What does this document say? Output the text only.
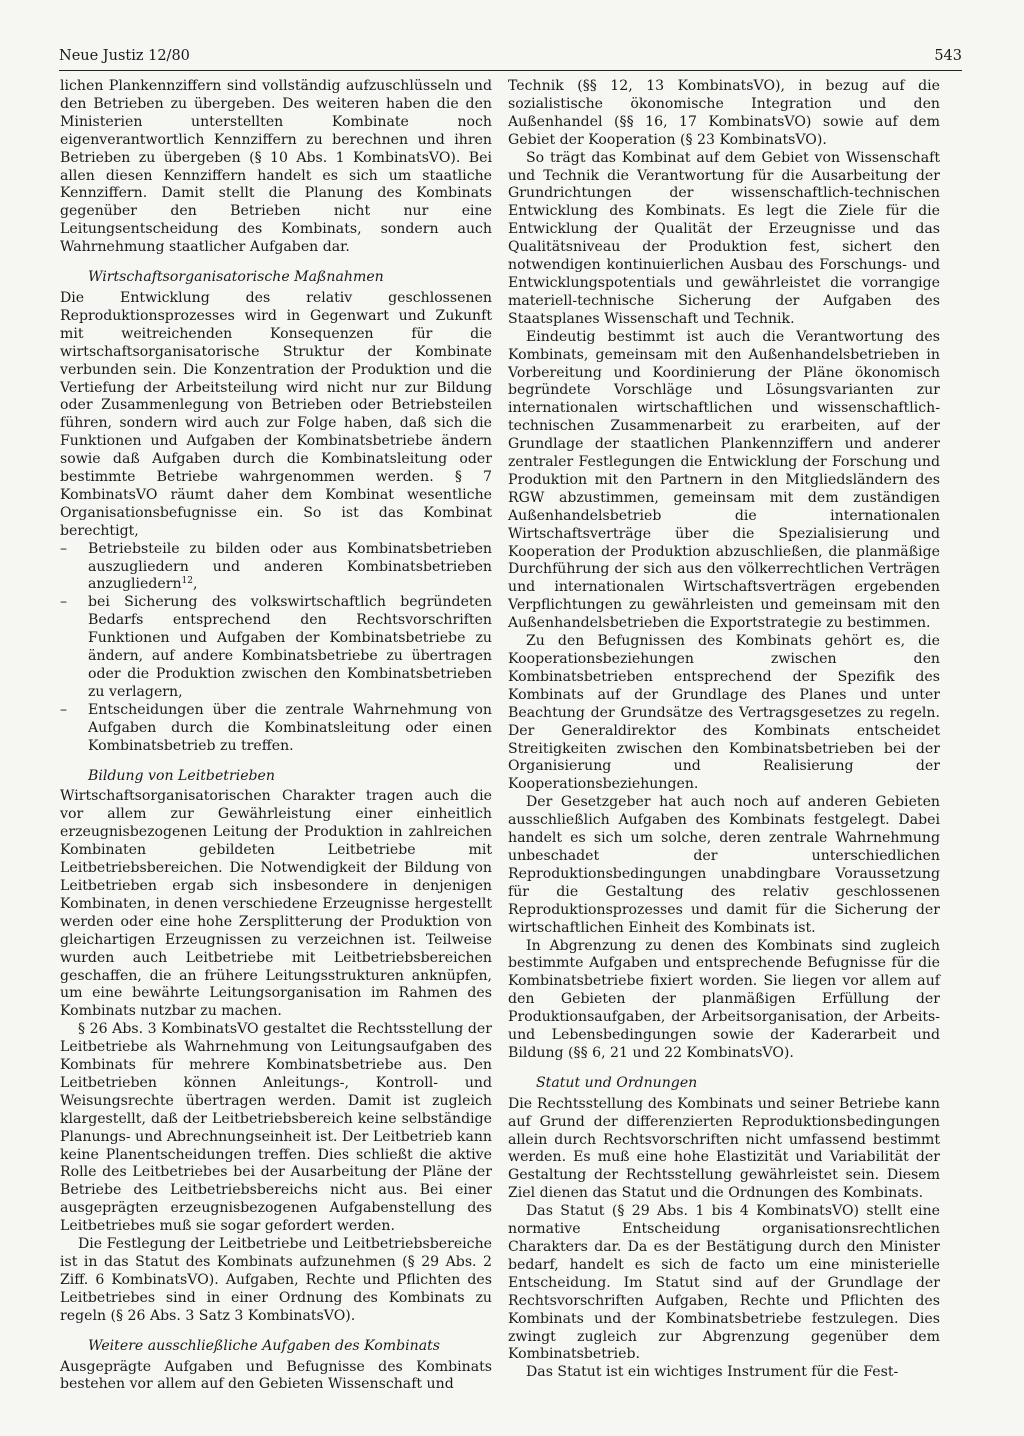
Neue Justiz 12/80	543

lichen Plankennziffern sind vollständig aufzuschlüsseln und den Betrieben zu übergeben. Des weiteren haben die den Ministerien unterstellten Kombinate noch eigenverantwortlich Kennziffern zu berechnen und ihren Betrieben zu übergeben (§ 10 Abs. 1 KombinatsVO). Bei allen diesen Kennziffern handelt es sich um staatliche Kennziffern. Damit stellt die Planung des Kombinats gegenüber den Betrieben nicht nur eine Leitungsentscheidung des Kombinats, sondern auch Wahrnehmung staatlicher Aufgaben dar.

Wirtschaftsorganisatorische Maßnahmen

Die Entwicklung des relativ geschlossenen Reproduktionsprozesses wird in Gegenwart und Zukunft mit weitreichenden Konsequenzen für die wirtschaftsorganisatorische Struktur der Kombinate verbunden sein. Die Konzentration der Produktion und die Vertiefung der Arbeitsteilung wird nicht nur zur Bildung oder Zusammenlegung von Betrieben oder Betriebsteilen führen, sondern wird auch zur Folge haben, daß sich die Funktionen und Aufgaben der Kombinatsbetriebe ändern sowie daß Aufgaben durch die Kombinatsleitung oder bestimmte Betriebe wahrgenommen werden. § 7 KombinatsVO räumt daher dem Kombinat wesentliche Organisationsbefugnisse ein. So ist das Kombinat berechtigt,

– Betriebsteile zu bilden oder aus Kombinatsbetrieben auszugliedern und anderen Kombinatsbetrieben anzugliedern$^{12}$,
– bei Sicherung des volkswirtschaftlich begründeten Bedarfs entsprechend den Rechtsvorschriften Funktionen und Aufgaben der Kombinatsbetriebe zu ändern, auf andere Kombinatsbetriebe zu übertragen oder die Produktion zwischen den Kombinatsbetrieben zu verlagern,
– Entscheidungen über die zentrale Wahrnehmung von Aufgaben durch die Kombinatsleitung oder einen Kombinatsbetrieb zu treffen.
Bildung von Leitbetrieben

Wirtschaftsorganisatorischen Charakter tragen auch die vor allem zur Gewährleistung einer einheitlich erzeugnisbezogenen Leitung der Produktion in zahlreichen Kombinaten gebildeten Leitbetriebe mit Leitbetriebsbereichen. Die Notwendigkeit der Bildung von Leitbetrieben ergab sich insbesondere in denjenigen Kombinaten, in denen verschiedene Erzeugnisse hergestellt werden oder eine hohe Zersplitterung der Produktion von gleichartigen Erzeugnissen zu verzeichnen ist. Teilweise wurden auch Leitbetriebe mit Leitbetriebsbereichen geschaffen, die an frühere Leitungsstrukturen anknüpfen, um eine bewährte Leitungsorganisation im Rahmen des Kombinats nutzbar zu machen.

§ 26 Abs. 3 KombinatsVO gestaltet die Rechtsstellung der Leitbetriebe als Wahrnehmung von Leitungsaufgaben des Kombinats für mehrere Kombinatsbetriebe aus. Den Leitbetrieben können Anleitungs-, Kontroll- und Weisungsrechte übertragen werden. Damit ist zugleich klargestellt, daß der Leitbetriebsbereich keine selbständige Planungs- und Abrechnungseinheit ist. Der Leitbetrieb kann keine Planentscheidungen treffen. Dies schließt die aktive Rolle des Leitbetriebes bei der Ausarbeitung der Pläne der Betriebe des Leitbetriebsbereichs nicht aus. Bei einer ausgeprägten erzeugnisbezogenen Aufgabenstellung des Leitbetriebes muß sie sogar gefordert werden.

Die Festlegung der Leitbetriebe und Leitbetriebsbereiche ist in das Statut des Kombinats aufzunehmen (§ 29 Abs. 2 Ziff. 6 KombinatsVO). Aufgaben, Rechte und Pflichten des Leitbetriebes sind in einer Ordnung des Kombinats zu regeln (§ 26 Abs. 3 Satz 3 KombinatsVO).

Weitere ausschließliche Aufgaben des Kombinats

Ausgeprägte Aufgaben und Befugnisse des Kombinats bestehen vor allem auf den Gebieten Wissenschaft und

Technik (§§ 12, 13 KombinatsVO), in bezug auf die sozialistische ökonomische Integration und den Außenhandel (§§ 16, 17 KombinatsVO) sowie auf dem Gebiet der Kooperation (§ 23 KombinatsVO).

So trägt das Kombinat auf dem Gebiet von Wissenschaft und Technik die Verantwortung für die Ausarbeitung der Grundrichtungen der wissenschaftlich-technischen Entwicklung des Kombinats. Es legt die Ziele für die Entwicklung der Qualität der Erzeugnisse und das Qualitätsniveau der Produktion fest, sichert den notwendigen kontinuierlichen Ausbau des Forschungs- und Entwicklungspotentials und gewährleistet die vorrangige materiell-technische Sicherung der Aufgaben des Staatsplanes Wissenschaft und Technik.

Eindeutig bestimmt ist auch die Verantwortung des Kombinats, gemeinsam mit den Außenhandelsbetrieben in Vorbereitung und Koordinierung der Pläne ökonomisch begründete Vorschläge und Lösungsvarianten zur internationalen wirtschaftlichen und wissenschaftlich-technischen Zusammenarbeit zu erarbeiten, auf der Grundlage der staatlichen Plankennziffern und anderer zentraler Festlegungen die Entwicklung der Forschung und Produktion mit den Partnern in den Mitgliedsländern des RGW abzustimmen, gemeinsam mit dem zuständigen Außenhandelsbetrieb die internationalen Wirtschaftsverträge über die Spezialisierung und Kooperation der Produktion abzuschließen, die planmäßige Durchführung der sich aus den völkerrechtlichen Verträgen und internationalen Wirtschaftsverträgen ergebenden Verpflichtungen zu gewährleisten und gemeinsam mit den Außenhandelsbetrieben die Exportstrategie zu bestimmen.

Zu den Befugnissen des Kombinats gehört es, die Kooperationsbeziehungen zwischen den Kombinatsbetrieben entsprechend der Spezifik des Kombinats auf der Grundlage des Planes und unter Beachtung der Grundsätze des Vertragsgesetzes zu regeln. Der Generaldirektor des Kombinats entscheidet Streitigkeiten zwischen den Kombinatsbetrieben bei der Organisierung und Realisierung der Kooperationsbeziehungen.

Der Gesetzgeber hat auch noch auf anderen Gebieten ausschließlich Aufgaben des Kombinats festgelegt. Dabei handelt es sich um solche, deren zentrale Wahrnehmung unbeschadet der unterschiedlichen Reproduktionsbedingungen unabdingbare Voraussetzung für die Gestaltung des relativ geschlossenen Reproduktionsprozesses und damit für die Sicherung der wirtschaftlichen Einheit des Kombinats ist.

In Abgrenzung zu denen des Kombinats sind zugleich bestimmte Aufgaben und entsprechende Befugnisse für die Kombinatsbetriebe fixiert worden. Sie liegen vor allem auf den Gebieten der planmäßigen Erfüllung der Produktionsaufgaben, der Arbeitsorganisation, der Arbeits- und Lebensbedingungen sowie der Kaderarbeit und Bildung (§§ 6, 21 und 22 KombinatsVO).

Statut und Ordnungen

Die Rechtsstellung des Kombinats und seiner Betriebe kann auf Grund der differenzierten Reproduktionsbedingungen allein durch Rechtsvorschriften nicht umfassend bestimmt werden. Es muß eine hohe Elastizität und Variabilität der Gestaltung der Rechtsstellung gewährleistet sein. Diesem Ziel dienen das Statut und die Ordnungen des Kombinats.

Das Statut (§ 29 Abs. 1 bis 4 KombinatsVO) stellt eine normative Entscheidung organisationsrechtlichen Charakters dar. Da es der Bestätigung durch den Minister bedarf, handelt es sich de facto um eine ministerielle Entscheidung. Im Statut sind auf der Grundlage der Rechtsvorschriften Aufgaben, Rechte und Pflichten des Kombinats und der Kombinatsbetriebe festzulegen. Dies zwingt zugleich zur Abgrenzung gegenüber dem Kombinatsbetrieb.

Das Statut ist ein wichtiges Instrument für die Fest-
